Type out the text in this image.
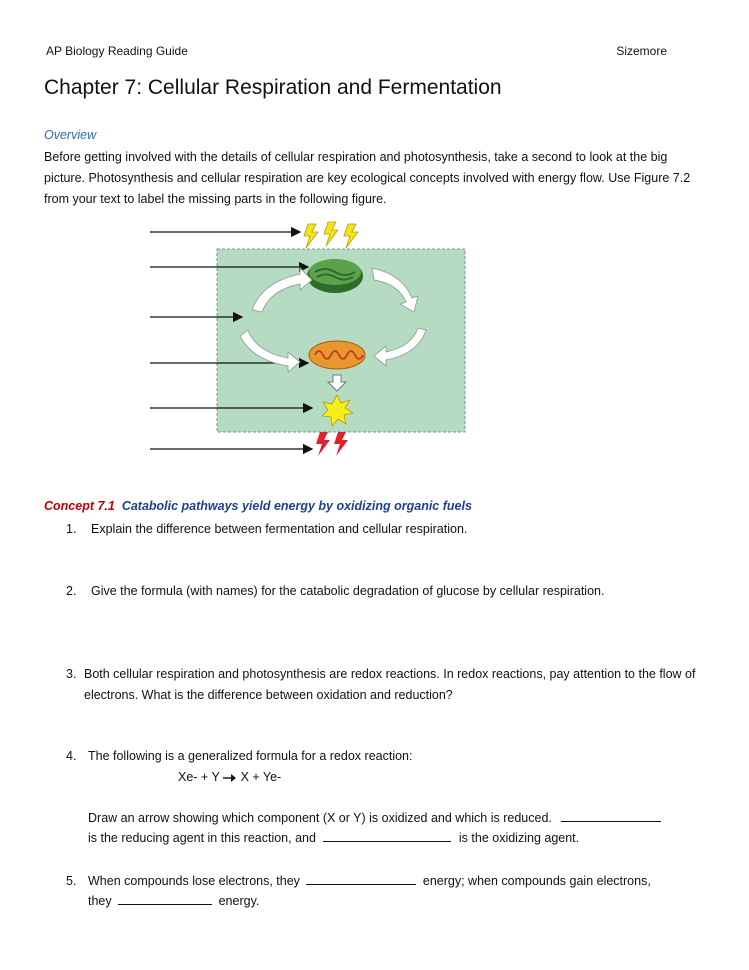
AP Biology Reading Guide	Sizemore
Chapter 7: Cellular Respiration and Fermentation
Overview
Before getting involved with the details of cellular respiration and photosynthesis, take a second to look at the big picture. Photosynthesis and cellular respiration are key ecological concepts involved with energy flow. Use Figure 7.2 from your text to label the missing parts in the following figure.
Concept 7.1 Catabolic pathways yield energy by oxidizing organic fuels
1. Explain the difference between fermentation and cellular respiration.
2. Give the formula (with names) for the catabolic degradation of glucose by cellular respiration.
3. Both cellular respiration and photosynthesis are redox reactions. In redox reactions, pay attention to the flow of electrons. What is the difference between oxidation and reduction?
4. The following is a generalized formula for a redox reaction:
Xe- + Y → X + Ye-
Draw an arrow showing which component (X or Y) is oxidized and which is reduced.
is the reducing agent in this reaction, and	is the oxidizing agent.
5. When compounds lose electrons, they	energy; when compounds gain electrons,
they	energy.
